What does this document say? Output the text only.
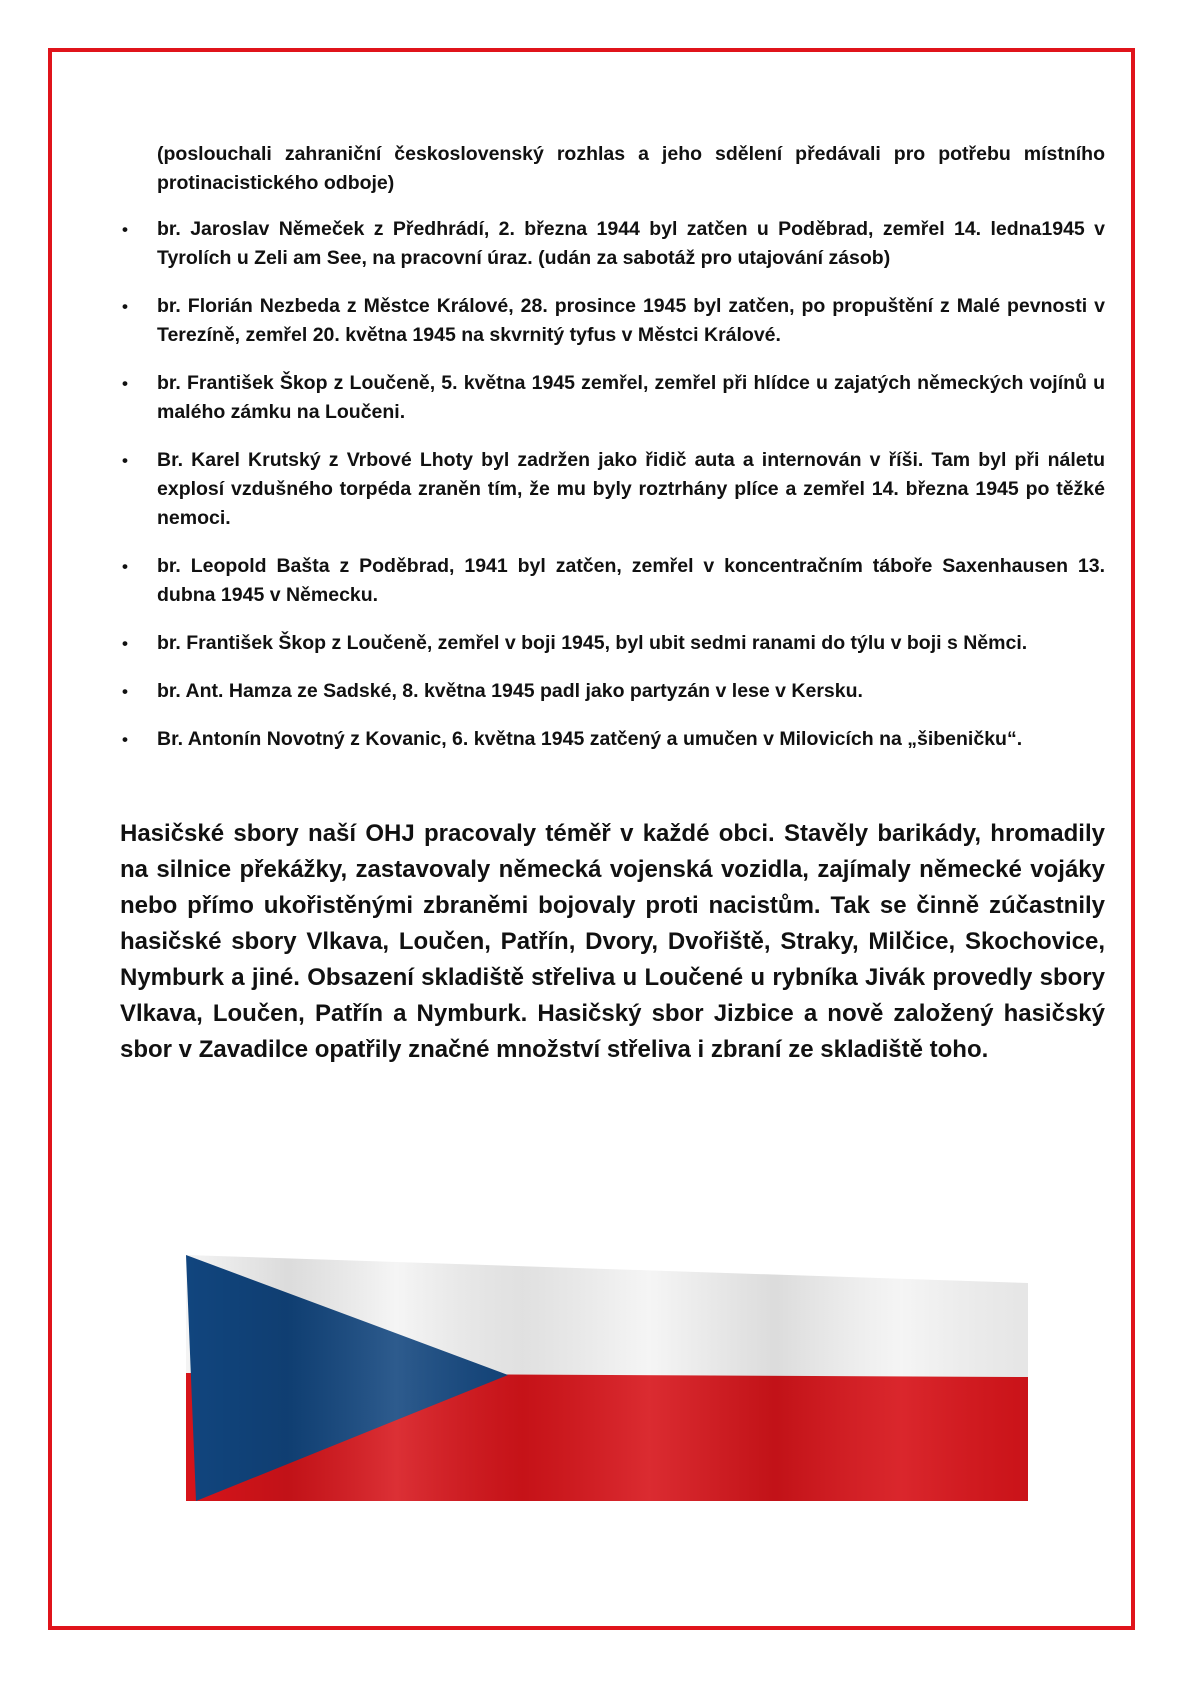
(poslouchali zahraniční československý rozhlas a jeho sdělení předávali pro potřebu místního protinacistického odboje)
• br. Jaroslav Němeček z Předhrádí, 2. března 1944 byl zatčen u Poděbrad, zemřel 14. ledna1945 v Tyrolích u Zeli am See, na pracovní úraz. (udán za sabotáž pro utajování zásob)
• br. Florián Nezbeda z Městce Králové, 28. prosince 1945 byl zatčen, po propuštění z Malé pevnosti v Terezíně, zemřel 20. května 1945 na skvrnitý tyfus v Městci Králové.
• br. František Škop z Loučeně, 5. května 1945 zemřel, zemřel při hlídce u zajatých německých vojínů u malého zámku na Loučeni.
• Br. Karel Krutský z Vrbové Lhoty byl zadržen jako řidič auta a internován v říši. Tam byl při náletu explosí vzdušného torpéda zraněn tím, že mu byly roztrhány plíce a zemřel 14. března 1945 po těžké nemoci.
• br. Leopold Bašta z Poděbrad, 1941 byl zatčen, zemřel v koncentračním táboře Saxenhausen 13. dubna 1945 v Německu.
• br. František Škop z Loučeně, zemřel v boji 1945, byl ubit sedmi ranami do týlu v boji s Němci.
• br. Ant. Hamza ze Sadské, 8. května 1945 padl jako partyzán v lese v Kersku.
• Br. Antonín Novotný z Kovanic, 6. května 1945 zatčený a umučen v Milovicích na „šibeničku“.

Hasičské sbory naší OHJ pracovaly téměř v každé obci. Stavěly barikády, hromadily na silnice překážky, zastavovaly německá vojenská vozidla, zajímaly německé vojáky nebo přímo ukořistěnými zbraněmi bojovaly proti nacistům. Tak se činně zúčastnily hasičské sbory Vlkava, Loučen, Patřín, Dvory, Dvořiště, Straky, Milčice, Skochovice, Nymburk a jiné. Obsazení skladiště střeliva u Loučené u rybníka Jivák provedly sbory Vlkava, Loučen, Patřín a Nymburk. Hasičský sbor Jizbice a nově založený hasičský sbor v Zavadilce opatřily značné množství střeliva i zbraní ze skladiště toho.
